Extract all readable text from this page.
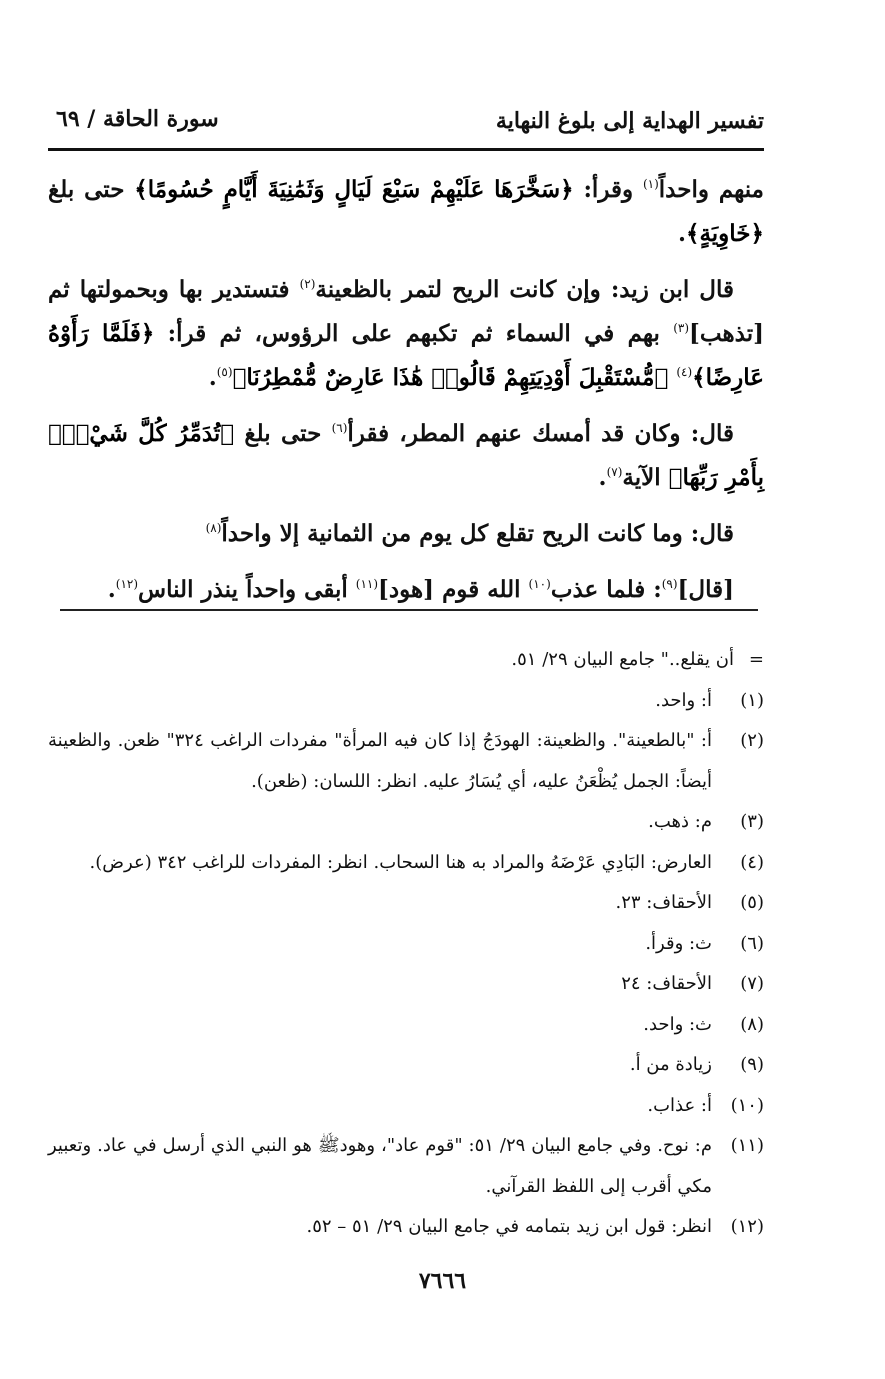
تفسير الهداية إلى بلوغ النهاية
سورة الحاقة / ٦٩

منهم واحداً$^{(١)}$ وقرأ: ﴿سَخَّرَهَا عَلَيْهِمْ سَبْعَ لَيَالٍ وَثَمَٰنِيَةَ أَيَّامٍ حُسُومًا﴾ حتى بلغ ﴿خَاوِيَةٍ﴾.

قال ابن زيد: وإن كانت الريح لتمر بالظعينة$^{(٢)}$ فتستدير بها وبحمولتها ثم [تذهب]$^{(٣)}$ بهم في السماء ثم تكبهم على الرؤوس، ثم قرأ: ﴿فَلَمَّا رَأَوْهُ عَارِضًا﴾$^{(٤)}$ ﴿مُّسْتَقْبِلَ أَوْدِيَتِهِمْ قَالُوا۟ هَٰذَا عَارِضٌ مُّمْطِرُنَا﴾$^{(٥)}$.

قال: وكان قد أمسك عنهم المطر، فقرأ$^{(٦)}$ حتى بلغ ﴿تُدَمِّرُ كُلَّ شَيْءٍۭ بِأَمْرِ رَبِّهَا﴾ الآية$^{(٧)}$.

قال: وما كانت الريح تقلع كل يوم من الثمانية إلا واحداً$^{(٨)}$

[قال]$^{(٩)}$: فلما عذب$^{(١٠)}$ الله قوم [هود]$^{(١١)}$ أبقى واحداً ينذر الناس$^{(١٢)}$.

=
أن يقلع.." جامع البيان ٢٩/ ٥١.
(١)
أ: واحد.
(٢)
أ: "بالطعينة". والظعينة: الهودَجُ إذا كان فيه المرأة" مفردات الراغب ٣٢٤" ظعن. والظعينة أيضاً: الجمل يُظْعَنُ عليه، أي يُسَارُ عليه. انظر: اللسان: (ظعن).
(٣)
م: ذهب.
(٤)
العارض: البَادِي عَرْضَهُ والمراد به هنا السحاب. انظر: المفردات للراغب ٣٤٢ (عرض).
(٥)
الأحقاف: ٢٣.
(٦)
ث: وقرأ.
(٧)
الأحقاف: ٢٤
(٨)
ث: واحد.
(٩)
زيادة من أ.
(١٠)
أ: عذاب.
(١١)
م: نوح. وفي جامع البيان ٢٩/ ٥١: "قوم عاد"، وهودﷺ هو النبي الذي أرسل في عاد. وتعبير مكي أقرب إلى اللفظ القرآني.
(١٢)
انظر: قول ابن زيد بتمامه في جامع البيان ٢٩/ ٥١ – ٥٢.
٧٦٦٦
